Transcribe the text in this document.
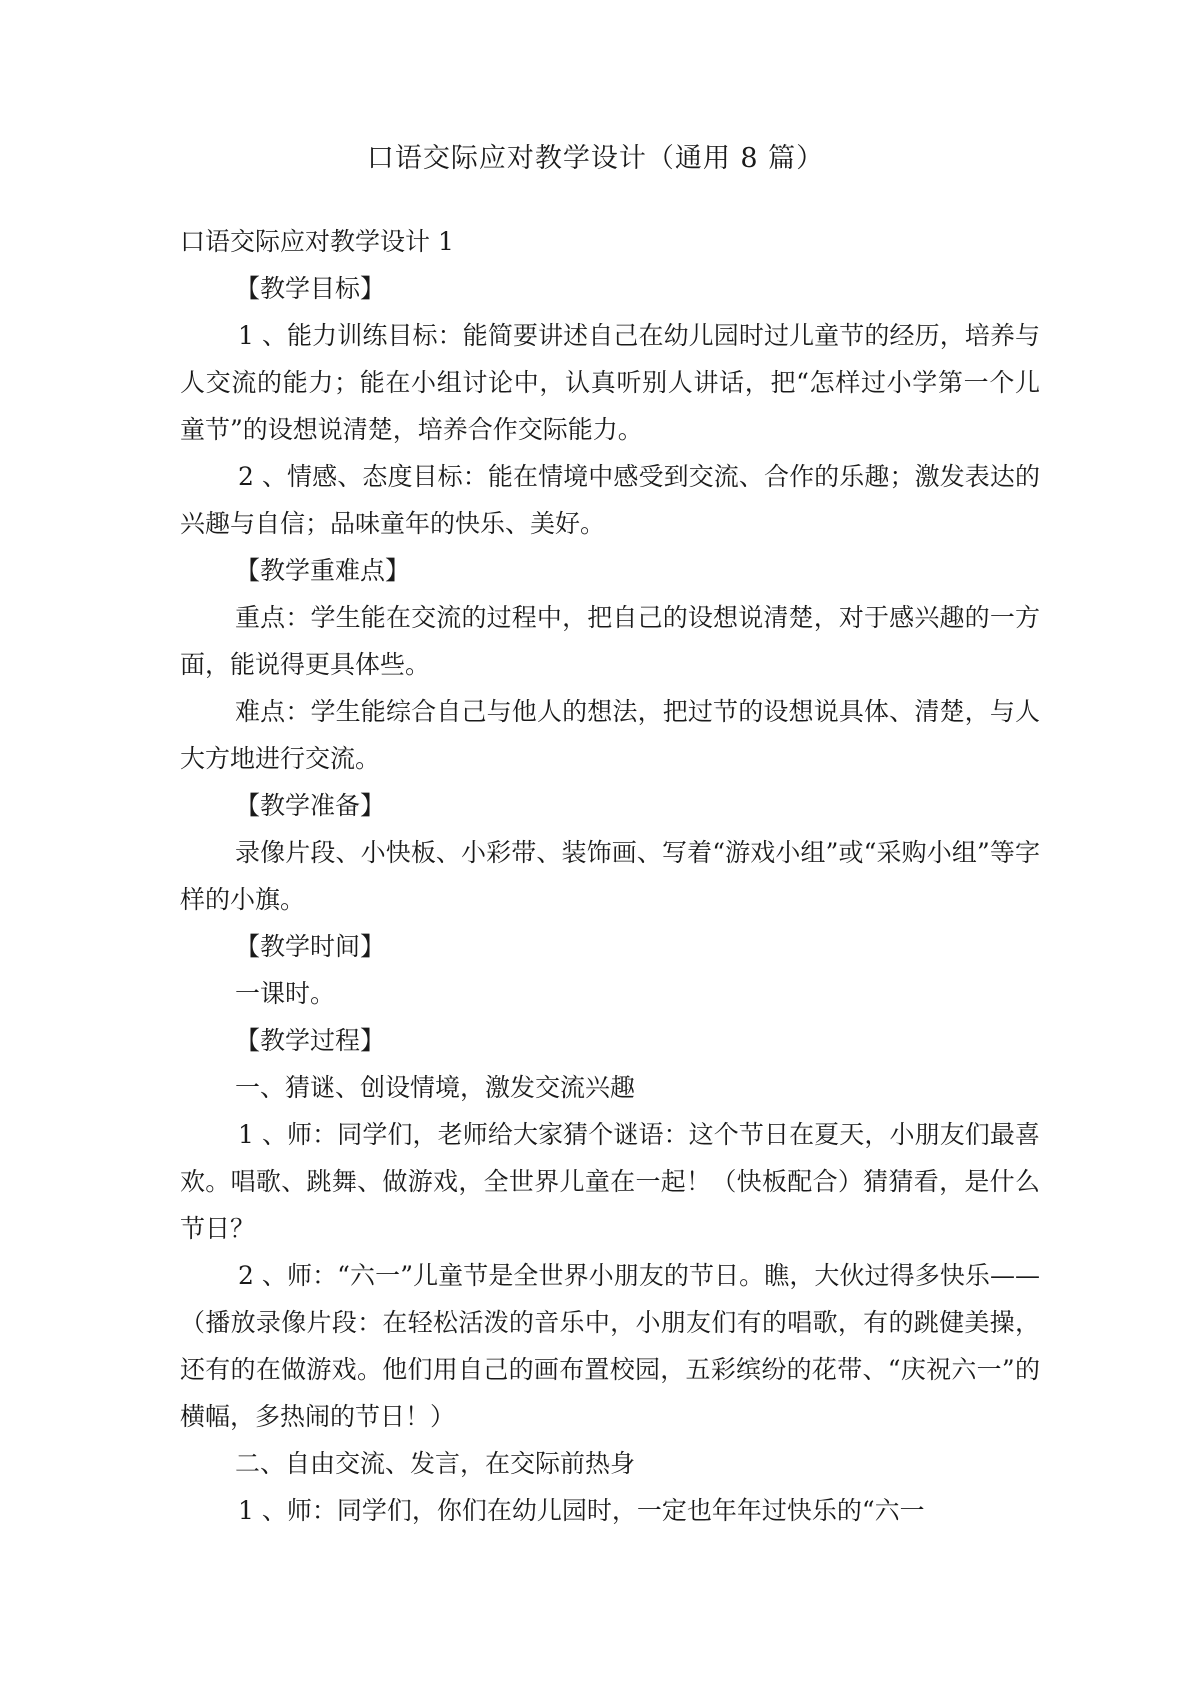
口语交际应对教学设计（通用 8 篇）

口语交际应对教学设计 1

【教学目标】

1 、能力训练目标：能简要讲述自己在幼儿园时过儿童节的经历，培养与人交流的能力；能在小组讨论中，认真听别人讲话，把“怎样过小学第一个儿童节”的设想说清楚，培养合作交际能力。

2 、情感、态度目标：能在情境中感受到交流、合作的乐趣；激发表达的兴趣与自信；品味童年的快乐、美好。

【教学重难点】

重点：学生能在交流的过程中，把自己的设想说清楚，对于感兴趣的一方面，能说得更具体些。

难点：学生能综合自己与他人的想法，把过节的设想说具体、清楚，与人大方地进行交流。

【教学准备】

录像片段、小快板、小彩带、装饰画、写着“游戏小组”或“采购小组”等字样的小旗。

【教学时间】

一课时。

【教学过程】

一、猜谜、创设情境，激发交流兴趣

1 、师：同学们，老师给大家猜个谜语：这个节日在夏天，小朋友们最喜欢。唱歌、跳舞、做游戏，全世界儿童在一起！（快板配合）猜猜看，是什么节日？

2 、师：“六一”儿童节是全世界小朋友的节日。瞧，大伙过得多快乐——（播放录像片段：在轻松活泼的音乐中，小朋友们有的唱歌，有的跳健美操，还有的在做游戏。他们用自己的画布置校园，五彩缤纷的花带、“庆祝六一”的横幅，多热闹的节日！）

二、自由交流、发言，在交际前热身

1 、师：同学们，你们在幼儿园时，一定也年年过快乐的“六一
